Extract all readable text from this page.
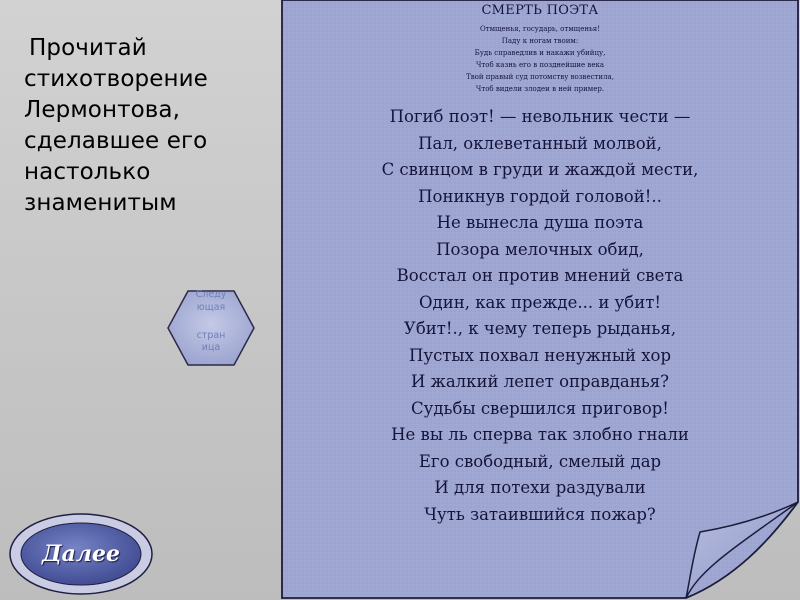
Прочитай
стихотворение
Лермонтова,
сделавшее его
настолько
знаменитым
Следу
ющая
стран
ица
Далее
СМЕРТЬ ПОЭТА
Отмщенья, государь, отмщенья!
Паду к ногам твоим:
Будь справедлив и накажи убийцу,
Чтоб казнь его в позднейшие века
Твой правый суд потомству возвестила,
Чтоб видели злодеи в ней пример.
Погиб поэт! — невольник чести —
Пал, оклеветанный молвой,
С свинцом в груди и жаждой мести,
Поникнув гордой головой!..
Не вынесла душа поэта
Позора мелочных обид,
Восстал он против мнений света
Один, как прежде... и убит!
Убит!., к чему теперь рыданья,
Пустых похвал ненужный хор
И жалкий лепет оправданья?
Судьбы свершился приговор!
Не вы ль сперва так злобно гнали
Его свободный, смелый дар
И для потехи раздували
Чуть затаившийся пожар?
